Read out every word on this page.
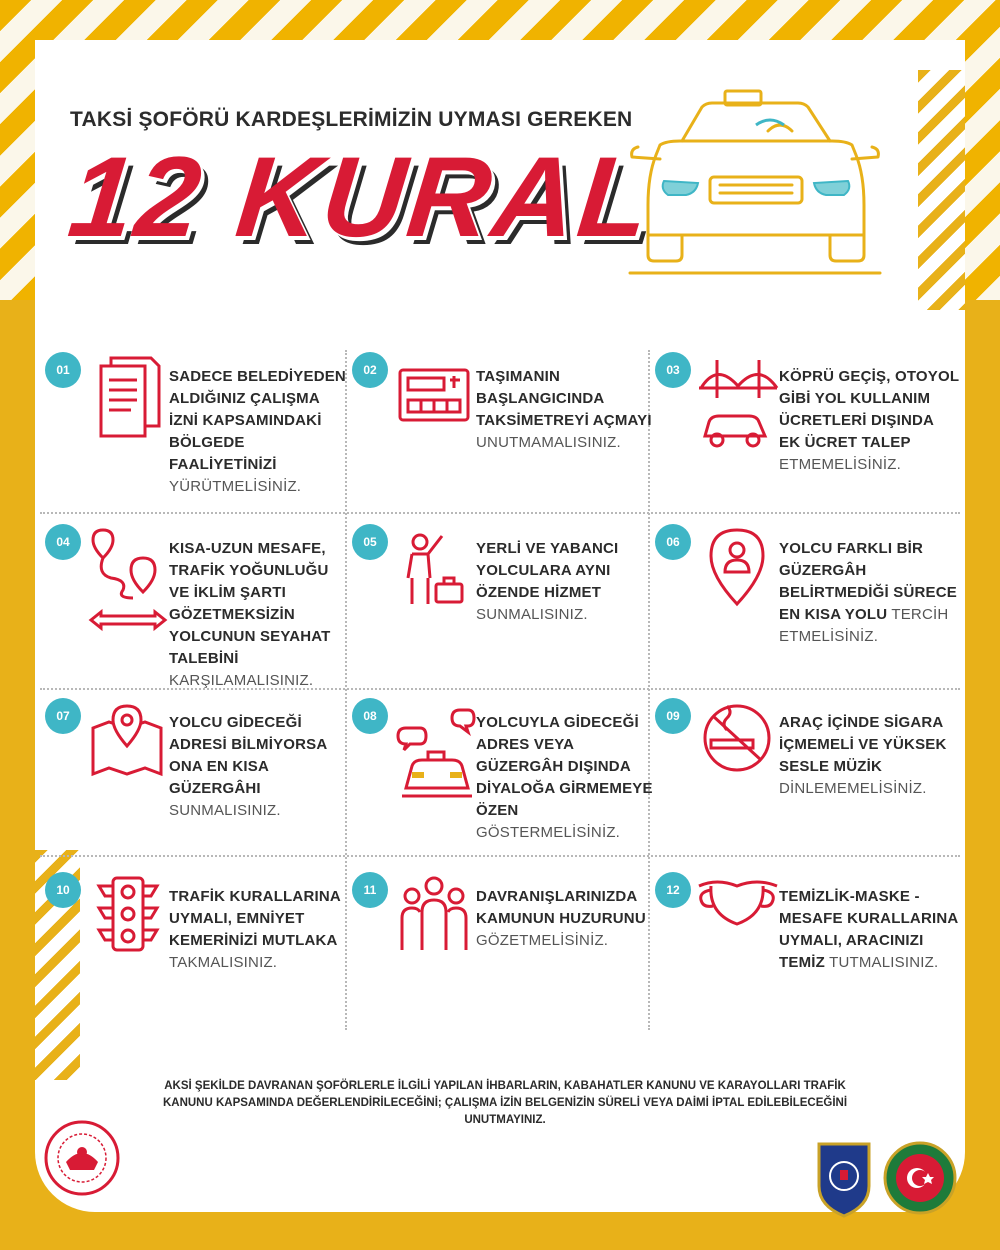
TAKSİ ŞOFÖRÜ KARDEŞLERİMİZİN UYMASI GEREKEN
12 KURAL
01	SADECE BELEDİYEDEN ALDIĞINIZ ÇALIŞMA İZNİ KAPSAMINDAKİ BÖLGEDE FAALİYETİNİZİ YÜRÜTMELİSİNİZ.
02	TAŞIMANIN BAŞLANGICINDA TAKSİMETREYİ AÇMAYI UNUTMAMALISINIZ.
03	KÖPRÜ GEÇİŞ, OTOYOL GİBİ YOL KULLANIM ÜCRETLERİ DIŞINDA EK ÜCRET TALEP ETMEMELİSİNİZ.
04	KISA-UZUN MESAFE, TRAFİK YOĞUNLUĞU VE İKLİM ŞARTI GÖZETMEKSİZİN YOLCUNUN SEYAHAT TALEBİNİ KARŞILAMALISINIZ.
05	YERLİ VE YABANCI YOLCULARA AYNI ÖZENDE HİZMET SUNMALISINIZ.
06	YOLCU FARKLI BİR GÜZERGÂH BELİRTMEDİĞİ SÜRECE EN KISA YOLU TERCİH ETMELİSİNİZ.
07	YOLCU GİDECEĞİ ADRESİ BİLMİYORSA ONA EN KISA GÜZERGÂHI SUNMALISINIZ.
08	YOLCUYLA GİDECEĞİ ADRES VEYA GÜZERGÂH DIŞINDA DİYALOĞA GİRMEMEYE ÖZEN GÖSTERMELİSİNİZ.
09	ARAÇ İÇİNDE SİGARA İÇMEMELİ VE YÜKSEK SESLE MÜZİK DİNLEMEMELİSİNİZ.
10	TRAFİK KURALLARINA UYMALI, EMNİYET KEMERİNİZİ MUTLAKA TAKMALISINIZ.
11	DAVRANIŞLARINIZDA KAMUNUN HUZURUNU GÖZETMELİSİNİZ.
12	TEMİZLİK-MASKE -MESAFE KURALLARINA UYMALI, ARACINIZI TEMİZ TUTMALISINIZ.
AKSİ ŞEKİLDE DAVRANAN ŞOFÖRLERLE İLGİLİ YAPILAN İHBARLARIN, KABAHATLER KANUNU VE KARAYOLLARI TRAFİK KANUNU KAPSAMINDA DEĞERLENDİRİLECEĞİNİ; ÇALIŞMA İZİN BELGENİZİN SÜRELİ VEYA DAİMİ İPTAL EDİLEBİLECEĞİNİ UNUTMAYINIZ.
